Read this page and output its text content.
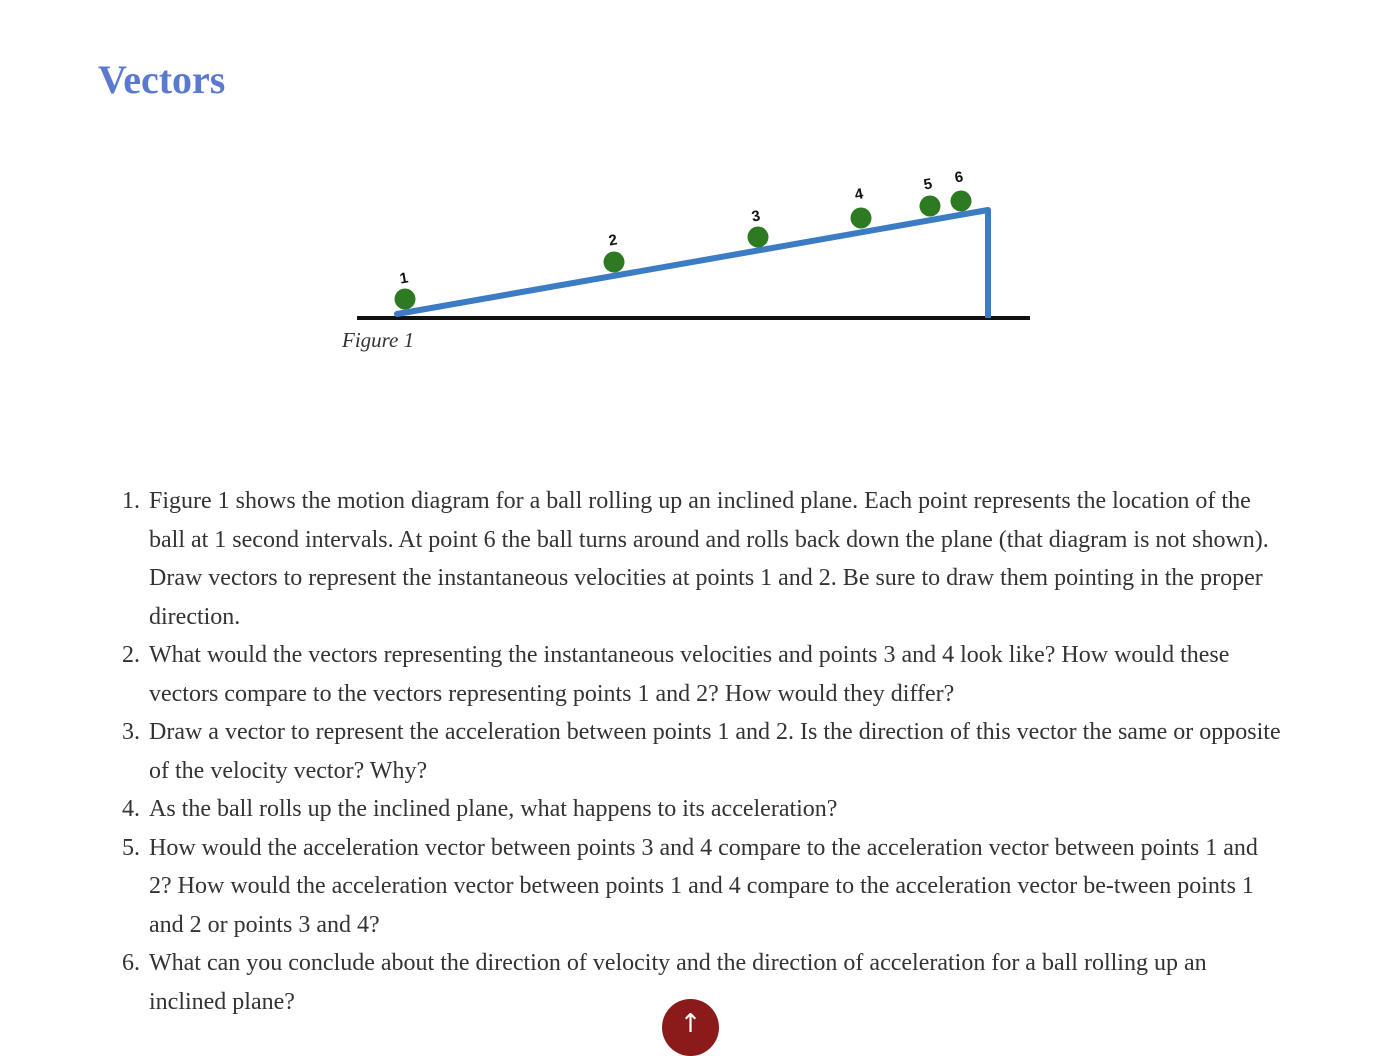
Vectors
1
2
3
4
5 6
Figure 1
1. Figure 1 shows the motion diagram for a ball rolling up an inclined plane. Each point represents the location of the ball at 1 second intervals. At point 6 the ball turns around and rolls back down the plane (that diagram is not shown). Draw vectors to represent the instantaneous velocities at points 1 and 2. Be sure to draw them pointing in the proper direction.
2. What would the vectors representing the instantaneous velocities and points 3 and 4 look like? How would these vectors compare to the vectors representing points 1 and 2? How would they differ?
3. Draw a vector to represent the acceleration between points 1 and 2. Is the direction of this vector the same or opposite of the velocity vector? Why?
4. As the ball rolls up the inclined plane, what happens to its acceleration?
5. How would the acceleration vector between points 3 and 4 compare to the acceleration vector between points 1 and 2? How would the acceleration vector between points 1 and 4 compare to the acceleration vector be-tween points 1 and 2 or points 3 and 4?
6. What can you conclude about the direction of velocity and the direction of acceleration for a ball rolling up an inclined plane?
↑
